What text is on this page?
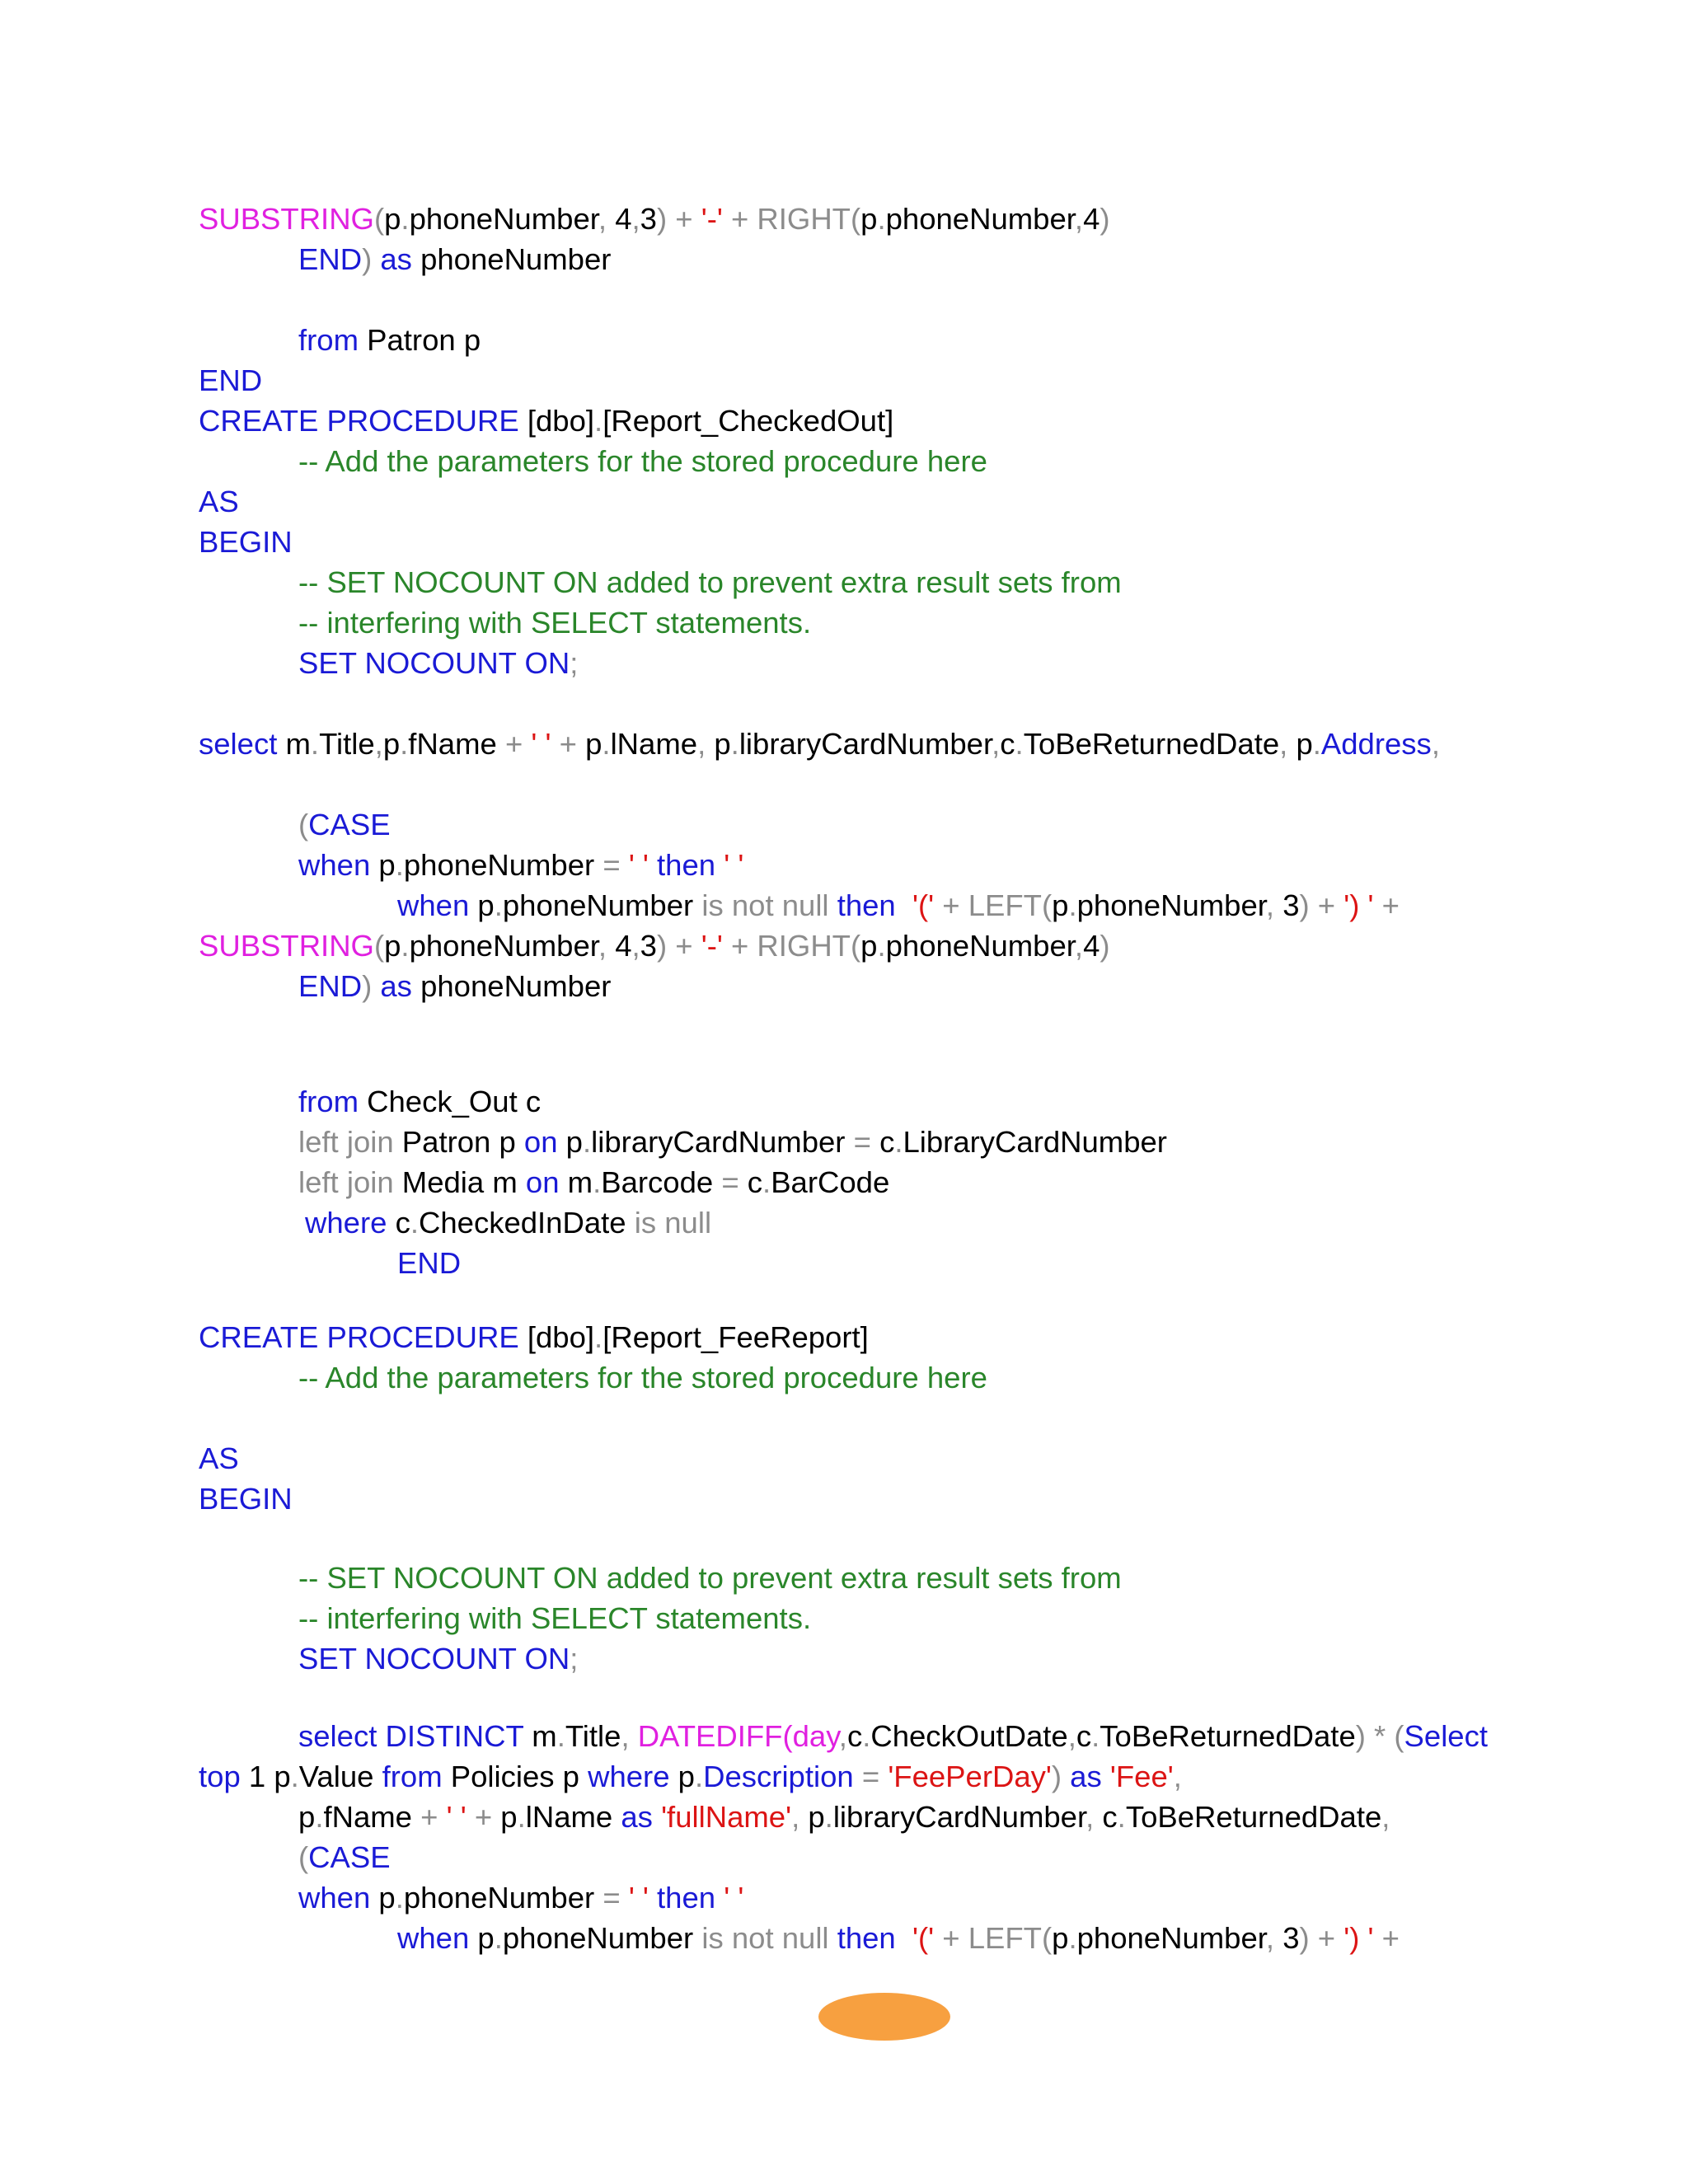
SUBSTRING(p.phoneNumber, 4,3) + '-' + RIGHT(p.phoneNumber,4)
END) as phoneNumber
from Patron p
END
CREATE PROCEDURE [dbo].[Report_CheckedOut]
-- Add the parameters for the stored procedure here
AS
BEGIN
-- SET NOCOUNT ON added to prevent extra result sets from
-- interfering with SELECT statements.
SET NOCOUNT ON;
select m.Title,p.fName + ' ' + p.lName, p.libraryCardNumber,c.ToBeReturnedDate, p.Address,
(CASE
when p.phoneNumber = ' ' then ' '
when p.phoneNumber is not null then '(' + LEFT(p.phoneNumber, 3) + ') ' +
SUBSTRING(p.phoneNumber, 4,3) + '-' + RIGHT(p.phoneNumber,4)
END) as phoneNumber
from Check_Out c
left join Patron p on p.libraryCardNumber = c.LibraryCardNumber
left join Media m on m.Barcode = c.BarCode
where c.CheckedInDate is null
END
CREATE PROCEDURE [dbo].[Report_FeeReport]
-- Add the parameters for the stored procedure here
AS
BEGIN
-- SET NOCOUNT ON added to prevent extra result sets from
-- interfering with SELECT statements.
SET NOCOUNT ON;
select DISTINCT m.Title, DATEDIFF(day,c.CheckOutDate,c.ToBeReturnedDate) * (Select
top 1 p.Value from Policies p where p.Description = 'FeePerDay') as 'Fee',
p.fName + ' ' + p.lName as 'fullName', p.libraryCardNumber, c.ToBeReturnedDate,
(CASE
when p.phoneNumber = ' ' then ' '
when p.phoneNumber is not null then '(' + LEFT(p.phoneNumber, 3) + ') ' +
